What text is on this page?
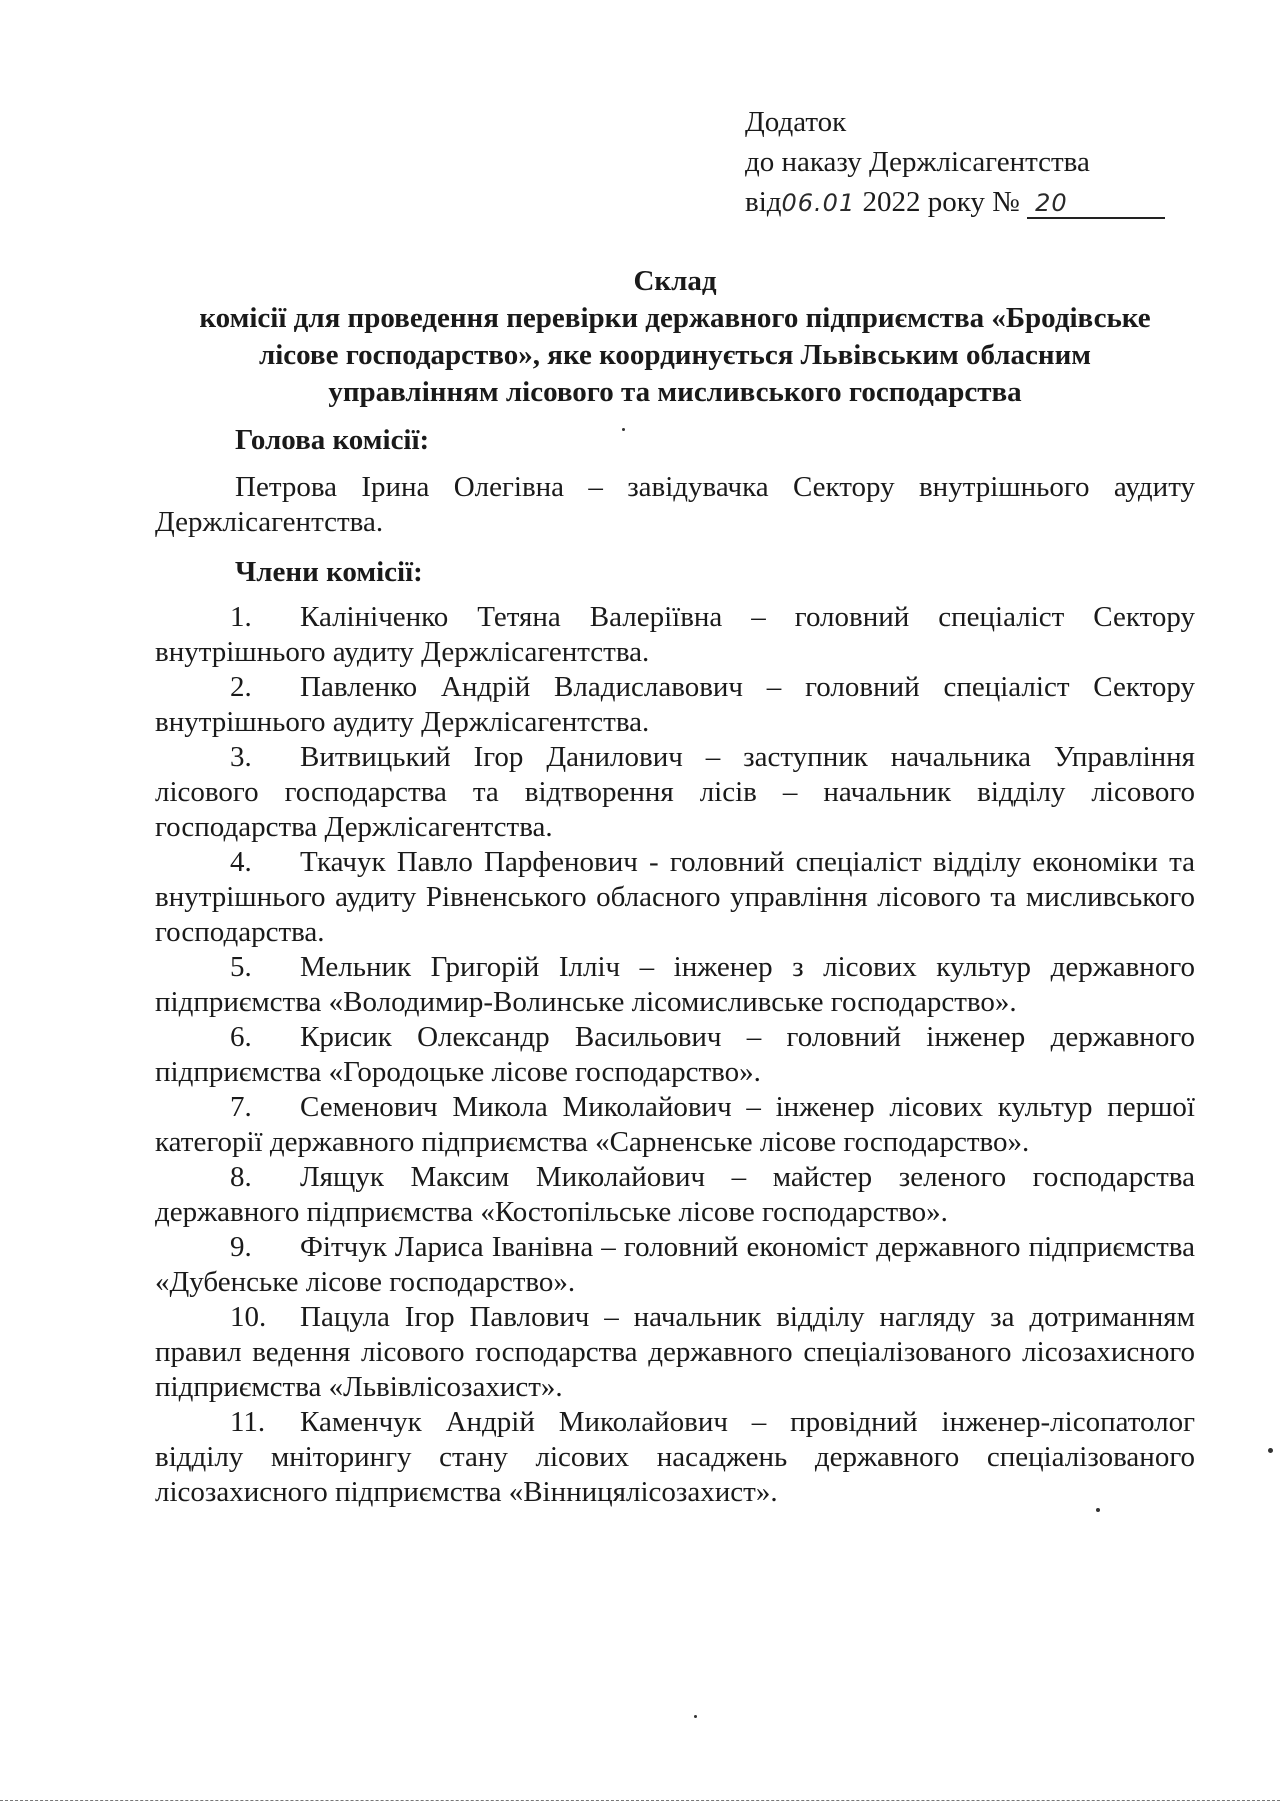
Додаток
до наказу Держлісагентства
від06.01 2022 року № 20
Склад
комісії для проведення перевірки державного підприємства «Бродівське
лісове господарство», яке координується Львівським обласним
управлінням лісового та мисливського господарства

Голова комісії:

Петрова Ірина Олегівна – завідувачка Сектору внутрішнього аудиту Держлісагентства.

Члени комісії:

1. Калініченко Тетяна Валеріївна – головний спеціаліст Сектору внутрішнього аудиту Держлісагентства.

2. Павленко Андрій Владиславович – головний спеціаліст Сектору внутрішнього аудиту Держлісагентства.

3. Витвицький Ігор Данилович – заступник начальника Управління лісового господарства та відтворення лісів – начальник відділу лісового господарства Держлісагентства.

4. Ткачук Павло Парфенович - головний спеціаліст відділу економіки та внутрішнього аудиту Рівненського обласного управління лісового та мисливського господарства.

5. Мельник Григорій Ілліч – інженер з лісових культур державного підприємства «Володимир-Волинське лісомисливське господарство».

6. Крисик Олександр Васильович – головний інженер державного підприємства «Городоцьке лісове господарство».

7. Семенович Микола Миколайович – інженер лісових культур першої категорії державного підприємства «Сарненське лісове господарство».

8. Лящук Максим Миколайович – майстер зеленого господарства державного підприємства «Костопільське лісове господарство».

9. Фітчук Лариса Іванівна – головний економіст державного підприємства «Дубенське лісове господарство».

10. Пацула Ігор Павлович – начальник відділу нагляду за дотриманням правил ведення лісового господарства державного спеціалізованого лісозахисного підприємства «Львівлісозахист».

11. Каменчук Андрій Миколайович – провідний інженер-лісопатолог відділу мніторингу стану лісових насаджень державного спеціалізованого лісозахисного підприємства «Вінницялісозахист».
